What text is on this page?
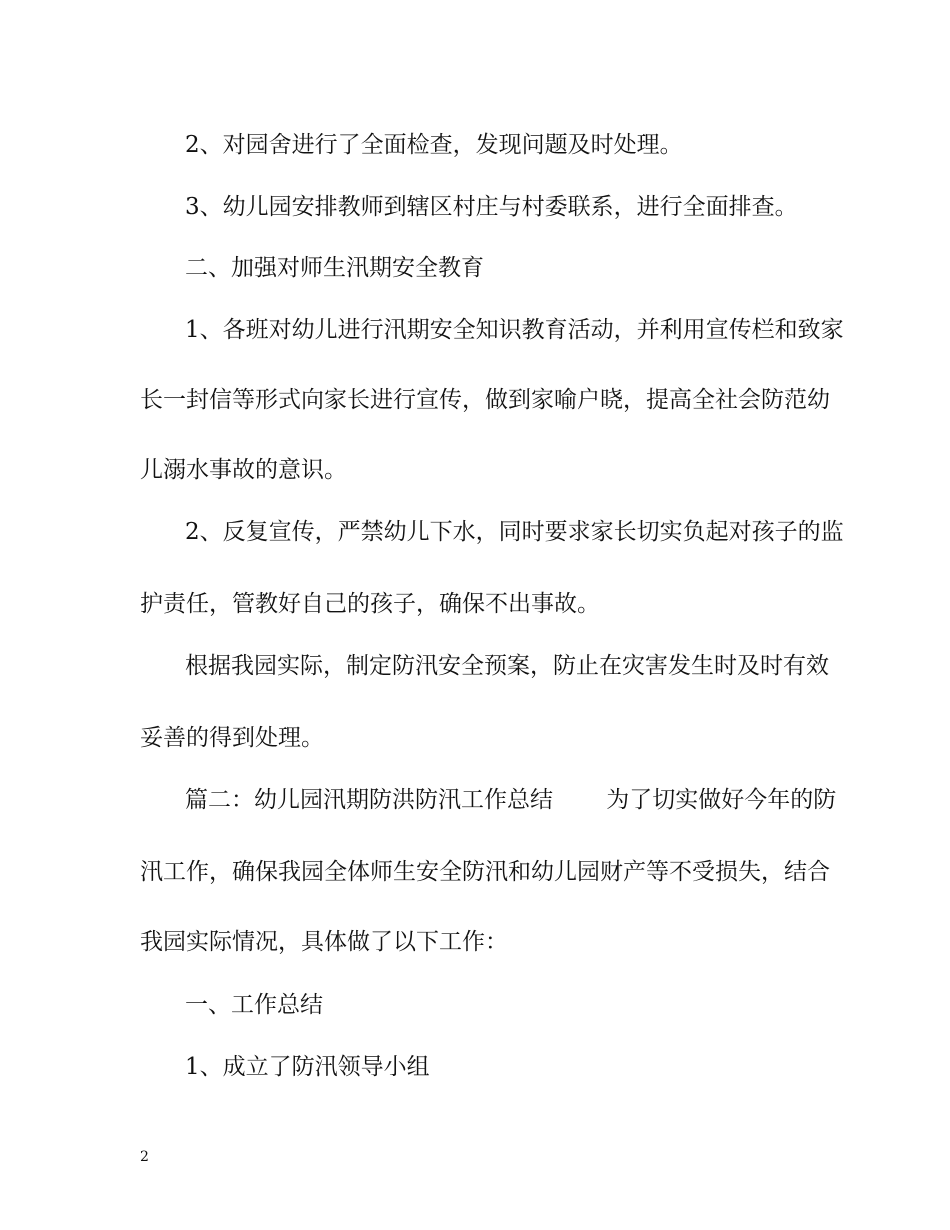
2、对园舍进行了全面检查，发现问题及时处理。
3、幼儿园安排教师到辖区村庄与村委联系，进行全面排查。
二、加强对师生汛期安全教育
1、各班对幼儿进行汛期安全知识教育活动，并利用宣传栏和致家
长一封信等形式向家长进行宣传，做到家喻户晓，提高全社会防范幼
儿溺水事故的意识。
2、反复宣传，严禁幼儿下水，同时要求家长切实负起对孩子的监
护责任，管教好自己的孩子，确保不出事故。
根据我园实际，制定防汛安全预案，防止在灾害发生时及时有效
妥善的得到处理。
篇二：幼儿园汛期防洪防汛工作总结 　　为了切实做好今年的防
汛工作，确保我园全体师生安全防汛和幼儿园财产等不受损失，结合
我园实际情况，具体做了以下工作：
一、工作总结
1、成立了防汛领导小组
2
